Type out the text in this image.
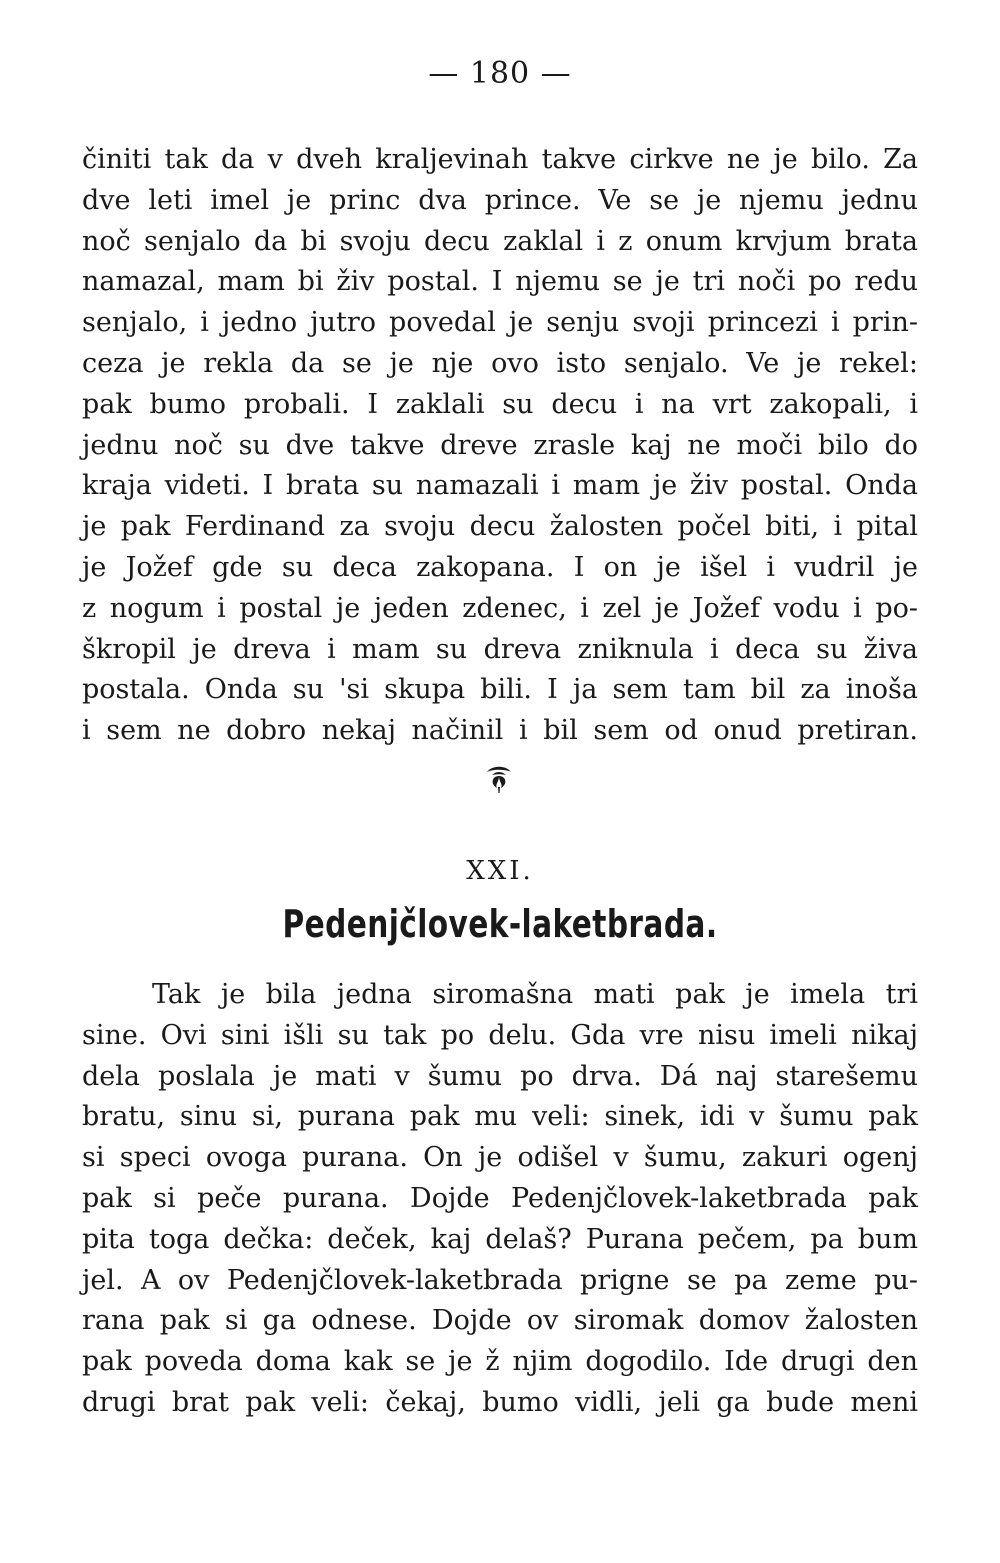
— 180 —
činiti tak da v dveh kraljevinah takve cirkve ne je bilo. Za
dve leti imel je princ dva prince. Ve se je njemu jednu
noč senjalo da bi svoju decu zaklal i z onum krvjum brata
namazal, mam bi živ postal. I njemu se je tri noči po redu
senjalo, i jedno jutro povedal je senju svoji princezi i prin-
ceza je rekla da se je nje ovo isto senjalo. Ve je rekel:
pak bumo probali. I zaklali su decu i na vrt zakopali, i
jednu noč su dve takve dreve zrasle kaj ne moči bilo do
kraja videti. I brata su namazali i mam je živ postal. Onda
je pak Ferdinand za svoju decu žalosten počel biti, i pital
je Jožef gde su deca zakopana. I on je išel i vudril je
z nogum i postal je jeden zdenec, i zel je Jožef vodu i po-
škropil je dreva i mam su dreva zniknula i deca su živa
postala. Onda su 'si skupa bili. I ja sem tam bil za inoša
i sem ne dobro nekaj načinil i bil sem od onud pretiran.
XXI.
Pedenjčlovek-laketbrada.
Tak je bila jedna siromašna mati pak je imela tri
sine. Ovi sini išli su tak po delu. Gda vre nisu imeli nikaj
dela poslala je mati v šumu po drva. Dá naj starešemu
bratu, sinu si, purana pak mu veli: sinek, idi v šumu pak
si speci ovoga purana. On je odišel v šumu, zakuri ogenj
pak si peče purana. Dojde Pedenjčlovek-laketbrada pak
pita toga dečka: deček, kaj delaš? Purana pečem, pa bum
jel. A ov Pedenjčlovek-laketbrada prigne se pa zeme pu-
rana pak si ga odnese. Dojde ov siromak domov žalosten
pak poveda doma kak se je ž njim dogodilo. Ide drugi den
drugi brat pak veli: čekaj, bumo vidli, jeli ga bude meni
